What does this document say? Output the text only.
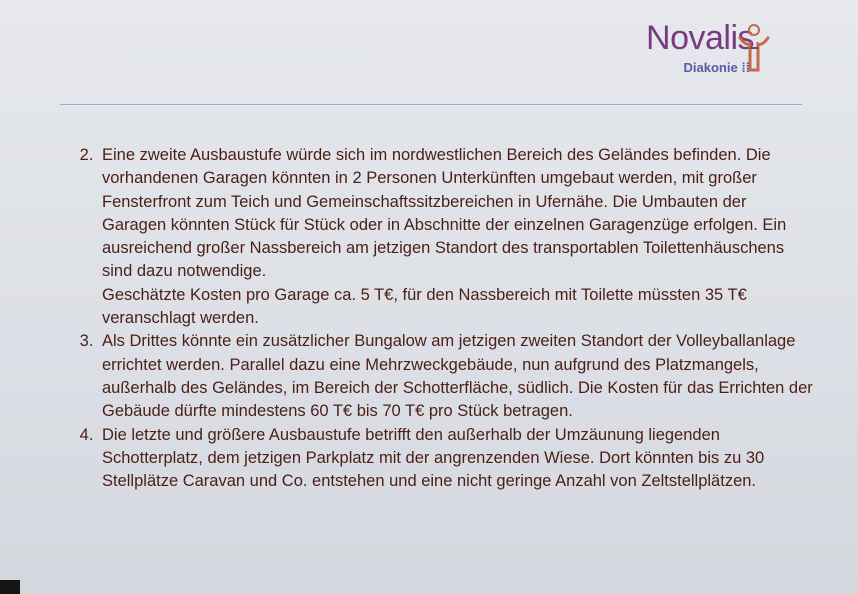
Novalis
Diakonie ⁞⁞

2. Eine zweite Ausbaustufe würde sich im nordwestlichen Bereich des Geländes befinden. Die vorhandenen Garagen könnten in 2 Personen Unterkünften umgebaut werden, mit großer Fensterfront zum Teich und Gemeinschaftssitzbereichen in Ufernähe. Die Umbauten der Garagen könnten Stück für Stück oder in Abschnitte der einzelnen Garagenzüge erfolgen. Ein ausreichend großer Nassbereich am jetzigen Standort des transportablen Toilettenhäuschens sind dazu notwendige.

Geschätzte Kosten pro Garage ca. 5 T€, für den Nassbereich mit Toilette müssten 35 T€ veranschlagt werden.

3. Als Drittes könnte ein zusätzlicher Bungalow am jetzigen zweiten Standort der Volleyballanlage errichtet werden. Parallel dazu eine Mehrzweckgebäude, nun aufgrund des Platzmangels, außerhalb des Geländes, im Bereich der Schotterfläche, südlich. Die Kosten für das Errichten der Gebäude dürfte mindestens 60 T€ bis 70 T€ pro Stück betragen.

4. Die letzte und größere Ausbaustufe betrifft den außerhalb der Umzäunung liegenden Schotterplatz, dem jetzigen Parkplatz mit der angrenzenden Wiese. Dort könnten bis zu 30 Stellplätze Caravan und Co. entstehen und eine nicht geringe Anzahl von Zeltstellplätzen.
